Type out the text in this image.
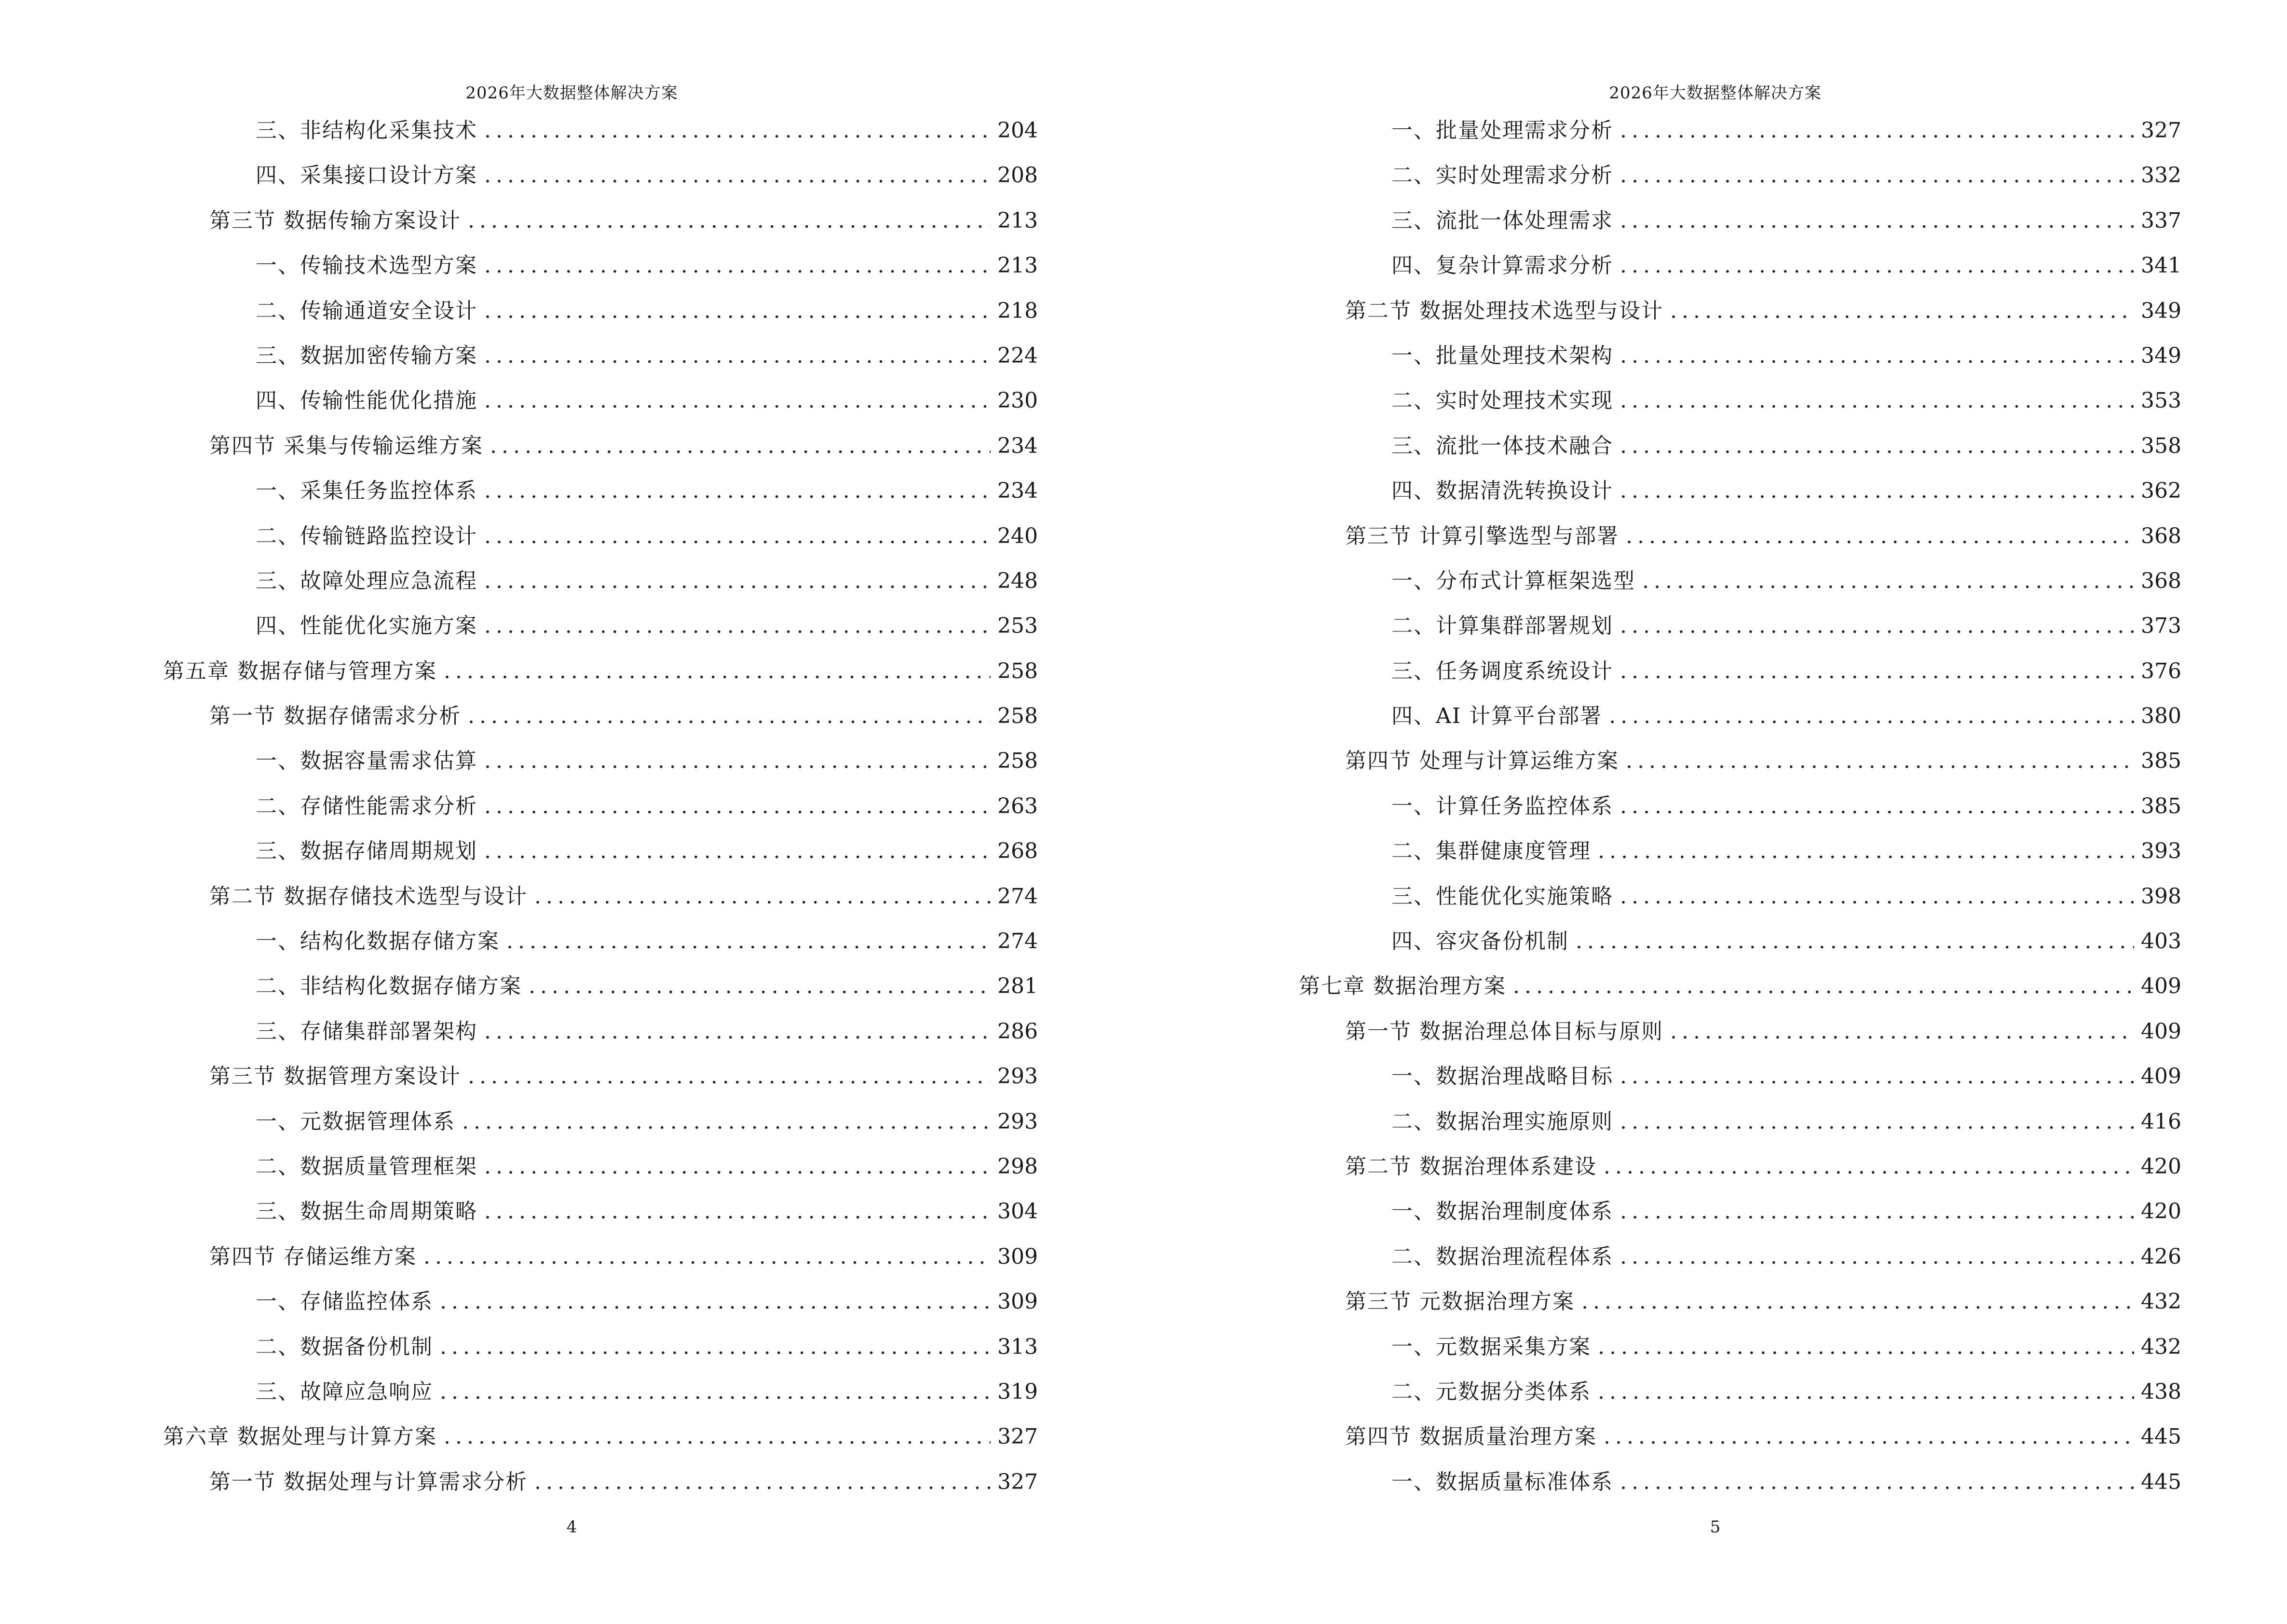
2026年大数据整体解决方案
三、非结构化采集技术 .....	204
四、采集接口设计方案 .....	208
第三节 数据传输方案设计 .....	213
一、传输技术选型方案 .....	213
二、传输通道安全设计 .....	218
三、数据加密传输方案 .....	224
四、传输性能优化措施 .....	230
第四节 采集与传输运维方案 .....	234
一、采集任务监控体系 .....	234
二、传输链路监控设计 .....	240
三、故障处理应急流程 .....	248
四、性能优化实施方案 .....	253
第五章 数据存储与管理方案 .....	258
第一节 数据存储需求分析 .....	258
一、数据容量需求估算 .....	258
二、存储性能需求分析 .....	263
三、数据存储周期规划 .....	268
第二节 数据存储技术选型与设计 .....	274
一、结构化数据存储方案 .....	274
二、非结构化数据存储方案 .....	281
三、存储集群部署架构 .....	286
第三节 数据管理方案设计 .....	293
一、元数据管理体系 .....	293
二、数据质量管理框架 .....	298
三、数据生命周期策略 .....	304
第四节 存储运维方案 .....	309
一、存储监控体系 .....	309
二、数据备份机制 .....	313
三、故障应急响应 .....	319
第六章 数据处理与计算方案 .....	327
第一节 数据处理与计算需求分析 .....	327
4
2026年大数据整体解决方案
一、批量处理需求分析 .....	327
二、实时处理需求分析 .....	332
三、流批一体处理需求 .....	337
四、复杂计算需求分析 .....	341
第二节 数据处理技术选型与设计 .....	349
一、批量处理技术架构 .....	349
二、实时处理技术实现 .....	353
三、流批一体技术融合 .....	358
四、数据清洗转换设计 .....	362
第三节 计算引擎选型与部署 .....	368
一、分布式计算框架选型 .....	368
二、计算集群部署规划 .....	373
三、任务调度系统设计 .....	376
四、AI 计算平台部署 .....	380
第四节 处理与计算运维方案 .....	385
一、计算任务监控体系 .....	385
二、集群健康度管理 .....	393
三、性能优化实施策略 .....	398
四、容灾备份机制 .....	403
第七章 数据治理方案 .....	409
第一节 数据治理总体目标与原则 .....	409
一、数据治理战略目标 .....	409
二、数据治理实施原则 .....	416
第二节 数据治理体系建设 .....	420
一、数据治理制度体系 .....	420
二、数据治理流程体系 .....	426
第三节 元数据治理方案 .....	432
一、元数据采集方案 .....	432
二、元数据分类体系 .....	438
第四节 数据质量治理方案 .....	445
一、数据质量标准体系 .....	445
5
